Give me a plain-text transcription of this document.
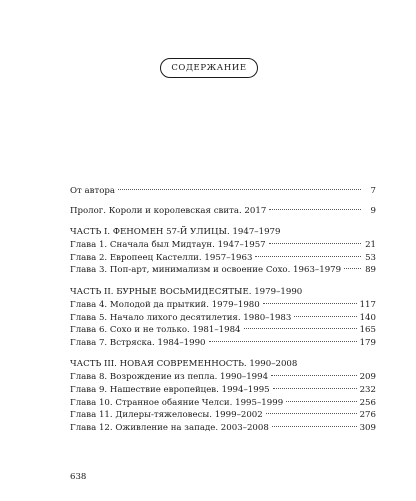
СОДЕРЖАНИЕ
От автора	7
Пролог. Короли и королевская свита. 2017	9
ЧАСТЬ I. ФЕНОМЕН 57-Й УЛИЦЫ. 1947–1979
Глава 1. Сначала был Мидтаун. 1947–1957	21
Глава 2. Европеец Кастелли. 1957–1963	53
Глава 3. Поп-арт, минимализм и освоение Сохо. 1963–1979	89
ЧАСТЬ II. БУРНЫЕ ВОСЬМИДЕСЯТЫЕ. 1979–1990
Глава 4. Молодой да прыткий. 1979–1980	117
Глава 5. Начало лихого десятилетия. 1980–1983	140
Глава 6. Сохо и не только. 1981–1984	165
Глава 7. Встряска. 1984–1990	179
ЧАСТЬ III. НОВАЯ СОВРЕМЕННОСТЬ. 1990–2008
Глава 8. Возрождение из пепла. 1990–1994	209
Глава 9. Нашествие европейцев. 1994–1995	232
Глава 10. Странное обаяние Челси. 1995–1999	256
Глава 11. Дилеры-тяжеловесы. 1999–2002	276
Глава 12. Оживление на западе. 2003–2008	309
638
